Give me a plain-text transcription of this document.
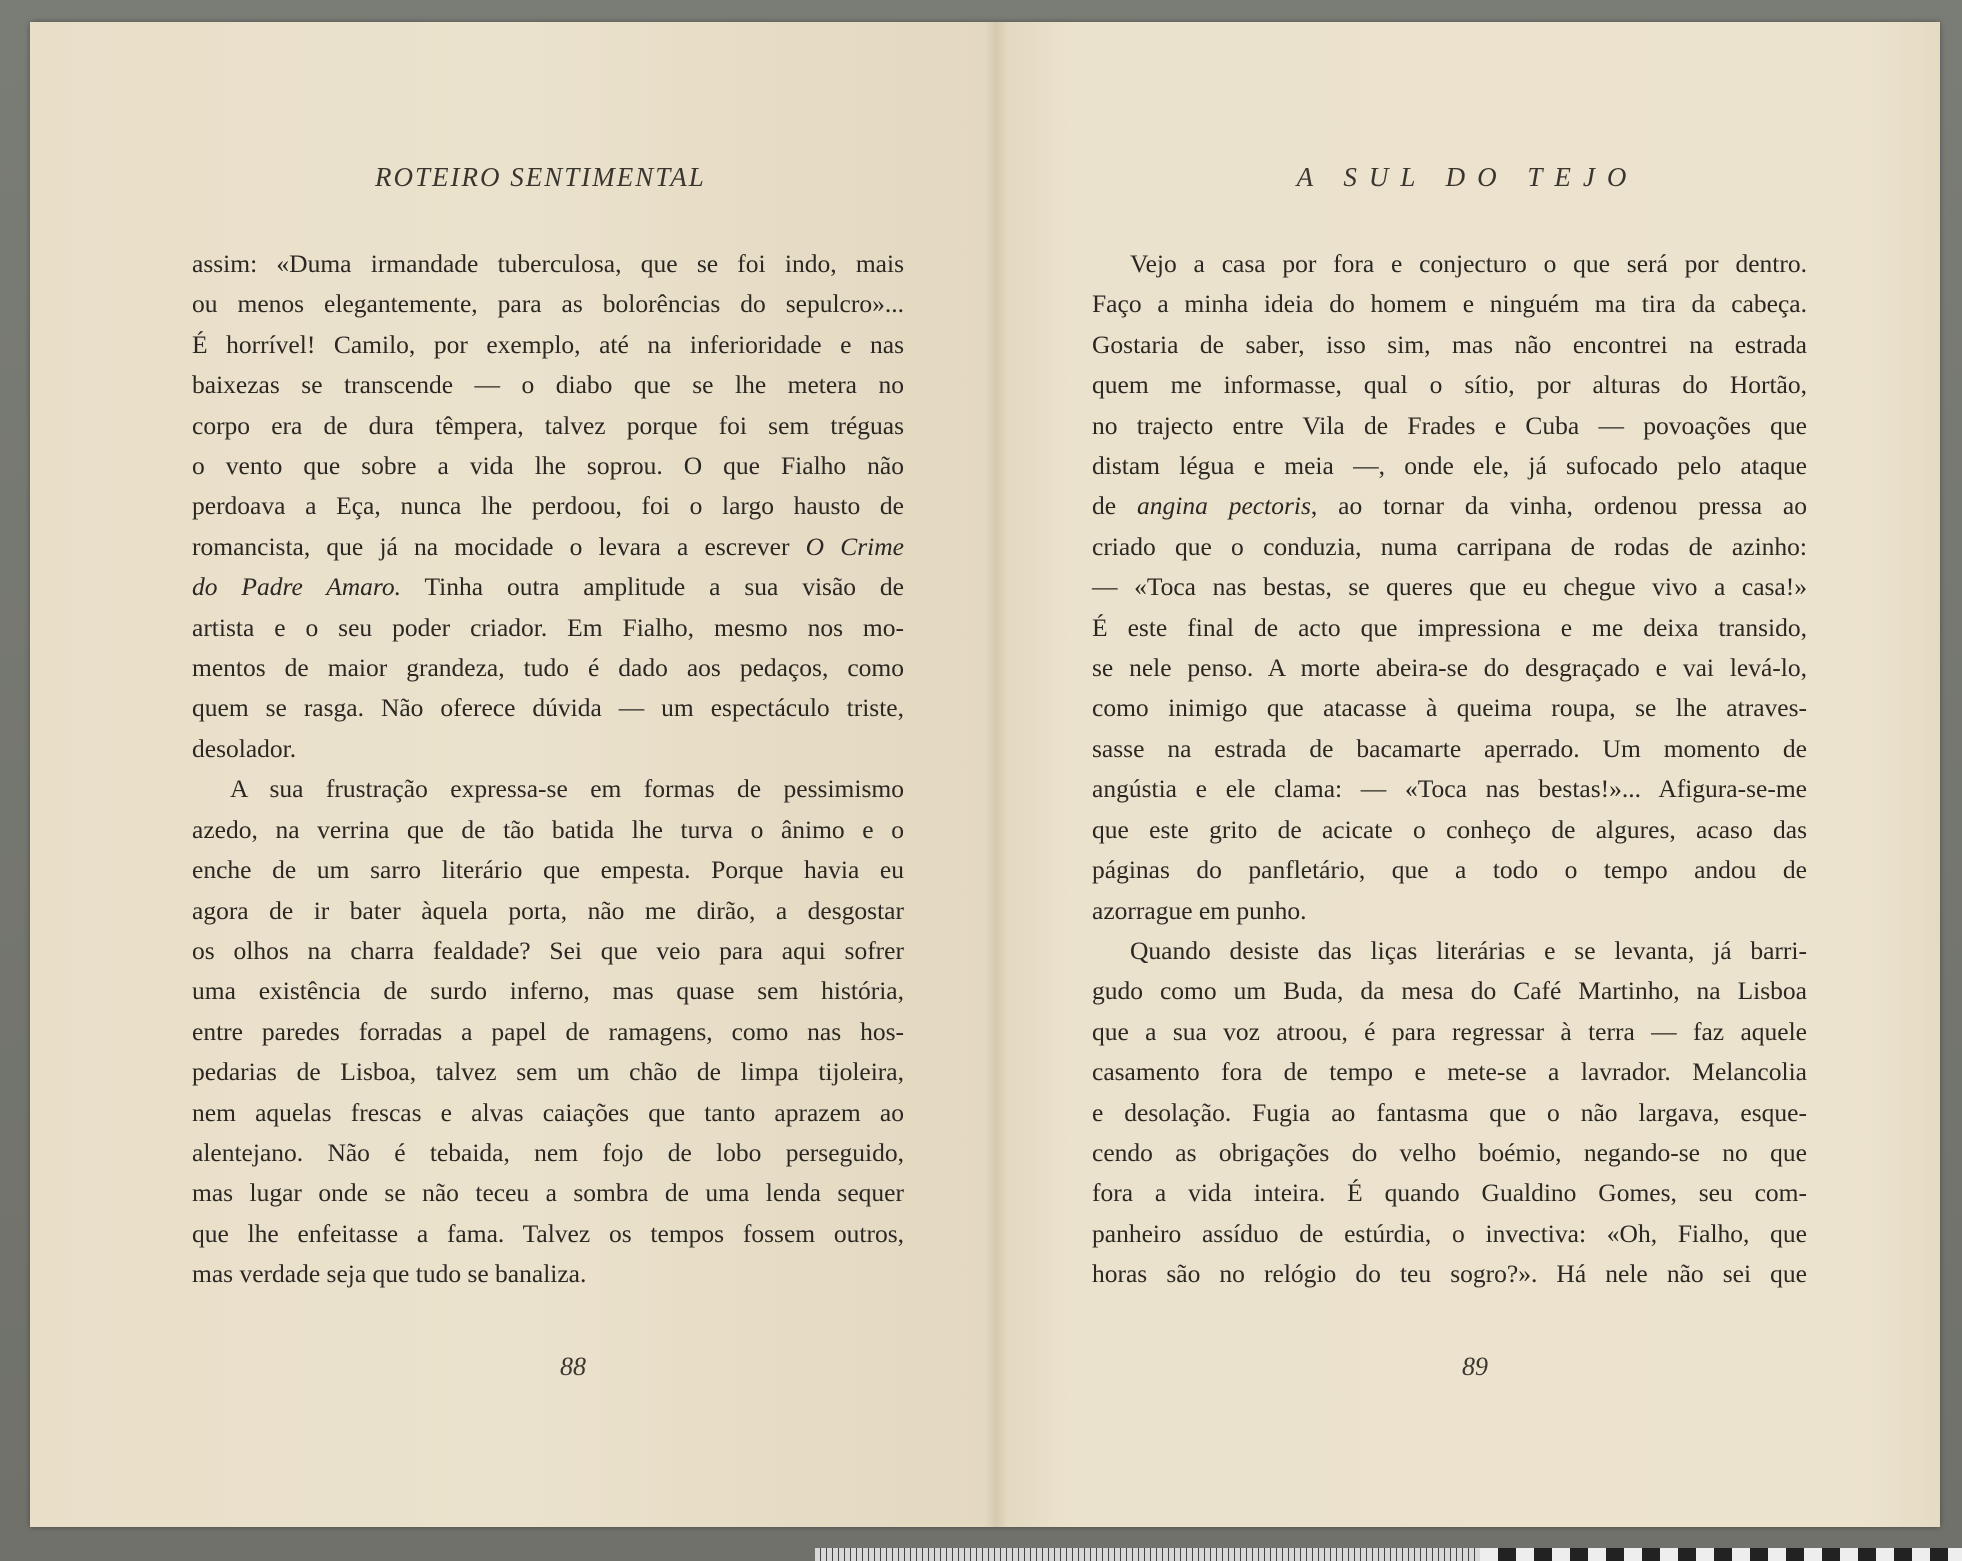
ROTEIRO SENTIMENTAL
88
A SUL DO TEJO
89
assim: «Duma irmandade tuberculosa, que se foi indo, mais
ou menos elegantemente, para as bolorências do sepulcro»...
É horrível! Camilo, por exemplo, até na inferioridade e nas
baixezas se transcende — o diabo que se lhe metera no
corpo era de dura têmpera, talvez porque foi sem tréguas
o vento que sobre a vida lhe soprou. O que Fialho não
perdoava a Eça, nunca lhe perdoou, foi o largo hausto de
romancista, que já na mocidade o levara a escrever O Crime
do Padre Amaro. Tinha outra amplitude a sua visão de
artista e o seu poder criador. Em Fialho, mesmo nos mo-
mentos de maior grandeza, tudo é dado aos pedaços, como
quem se rasga. Não oferece dúvida — um espectáculo triste,
desolador.
A sua frustração expressa-se em formas de pessimismo
azedo, na verrina que de tão batida lhe turva o ânimo e o
enche de um sarro literário que empesta. Porque havia eu
agora de ir bater àquela porta, não me dirão, a desgostar
os olhos na charra fealdade? Sei que veio para aqui sofrer
uma existência de surdo inferno, mas quase sem história,
entre paredes forradas a papel de ramagens, como nas hos-
pedarias de Lisboa, talvez sem um chão de limpa tijoleira,
nem aquelas frescas e alvas caiações que tanto aprazem ao
alentejano. Não é tebaida, nem fojo de lobo perseguido,
mas lugar onde se não teceu a sombra de uma lenda sequer
que lhe enfeitasse a fama. Talvez os tempos fossem outros,
mas verdade seja que tudo se banaliza.
Vejo a casa por fora e conjecturo o que será por dentro.
Faço a minha ideia do homem e ninguém ma tira da cabeça.
Gostaria de saber, isso sim, mas não encontrei na estrada
quem me informasse, qual o sítio, por alturas do Hortão,
no trajecto entre Vila de Frades e Cuba — povoações que
distam légua e meia —, onde ele, já sufocado pelo ataque
de angina pectoris, ao tornar da vinha, ordenou pressa ao
criado que o conduzia, numa carripana de rodas de azinho:
— «Toca nas bestas, se queres que eu chegue vivo a casa!»
É este final de acto que impressiona e me deixa transido,
se nele penso. A morte abeira-se do desgraçado e vai levá-lo,
como inimigo que atacasse à queima roupa, se lhe atraves-
sasse na estrada de bacamarte aperrado. Um momento de
angústia e ele clama: — «Toca nas bestas!»... Afigura-se-me
que este grito de acicate o conheço de algures, acaso das
páginas do panfletário, que a todo o tempo andou de
azorrague em punho.
Quando desiste das liças literárias e se levanta, já barri-
gudo como um Buda, da mesa do Café Martinho, na Lisboa
que a sua voz atroou, é para regressar à terra — faz aquele
casamento fora de tempo e mete-se a lavrador. Melancolia
e desolação. Fugia ao fantasma que o não largava, esque-
cendo as obrigações do velho boémio, negando-se no que
fora a vida inteira. É quando Gualdino Gomes, seu com-
panheiro assíduo de estúrdia, o invectiva: «Oh, Fialho, que
horas são no relógio do teu sogro?». Há nele não sei que
